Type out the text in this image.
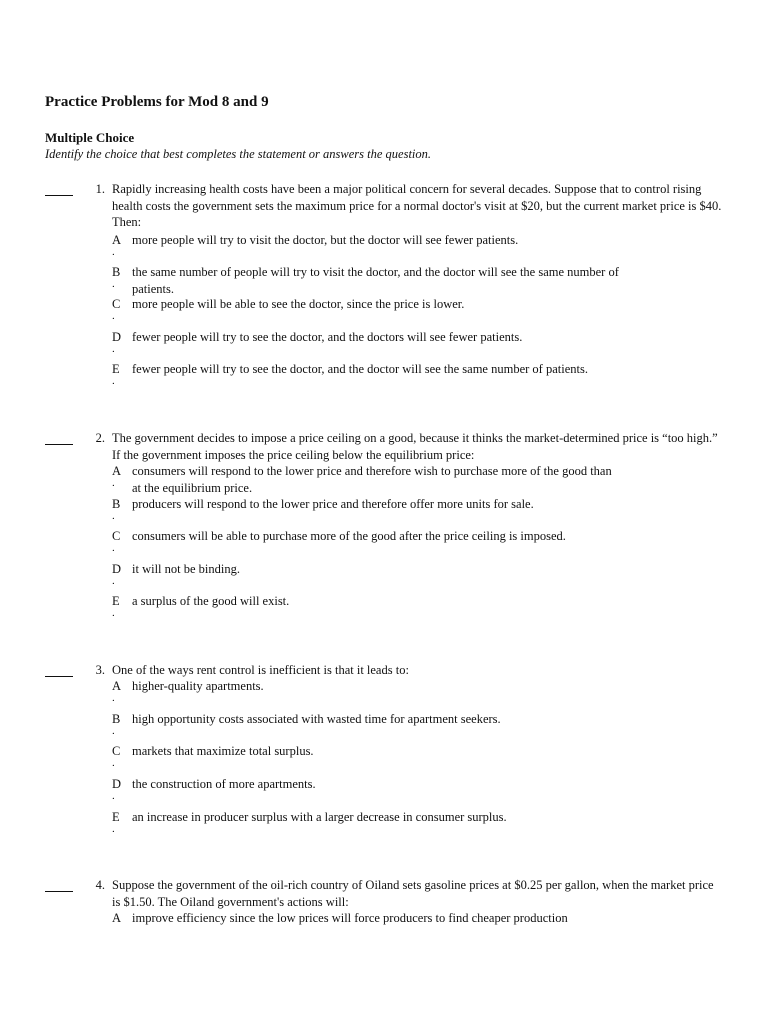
Practice Problems for Mod 8 and 9
Multiple Choice
Identify the choice that best completes the statement or answers the question.
1. Rapidly increasing health costs have been a major political concern for several decades. Suppose that to control rising health costs the government sets the maximum price for a normal doctor's visit at $20, but the current market price is $40. Then:
A
.
more people will try to visit the doctor, but the doctor will see fewer patients.
B
.
the same number of people will try to visit the doctor, and the doctor will see the same number of patients.
C
.
more people will be able to see the doctor, since the price is lower.
D
.
fewer people will try to see the doctor, and the doctors will see fewer patients.
E
.
fewer people will try to see the doctor, and the doctor will see the same number of patients.
2. The government decides to impose a price ceiling on a good, because it thinks the market-determined price is “too high.” If the government imposes the price ceiling below the equilibrium price:
A
.
consumers will respond to the lower price and therefore wish to purchase more of the good than at the equilibrium price.
B
.
producers will respond to the lower price and therefore offer more units for sale.
C
.
consumers will be able to purchase more of the good after the price ceiling is imposed.
D
.
it will not be binding.
E
.
a surplus of the good will exist.
3. One of the ways rent control is inefficient is that it leads to:
A
.
higher-quality apartments.
B
.
high opportunity costs associated with wasted time for apartment seekers.
C
.
markets that maximize total surplus.
D
.
the construction of more apartments.
E
.
an increase in producer surplus with a larger decrease in consumer surplus.
4. Suppose the government of the oil-rich country of Oiland sets gasoline prices at $0.25 per gallon, when the market price is $1.50. The Oiland government's actions will:
A improve efficiency since the low prices will force producers to find cheaper production
